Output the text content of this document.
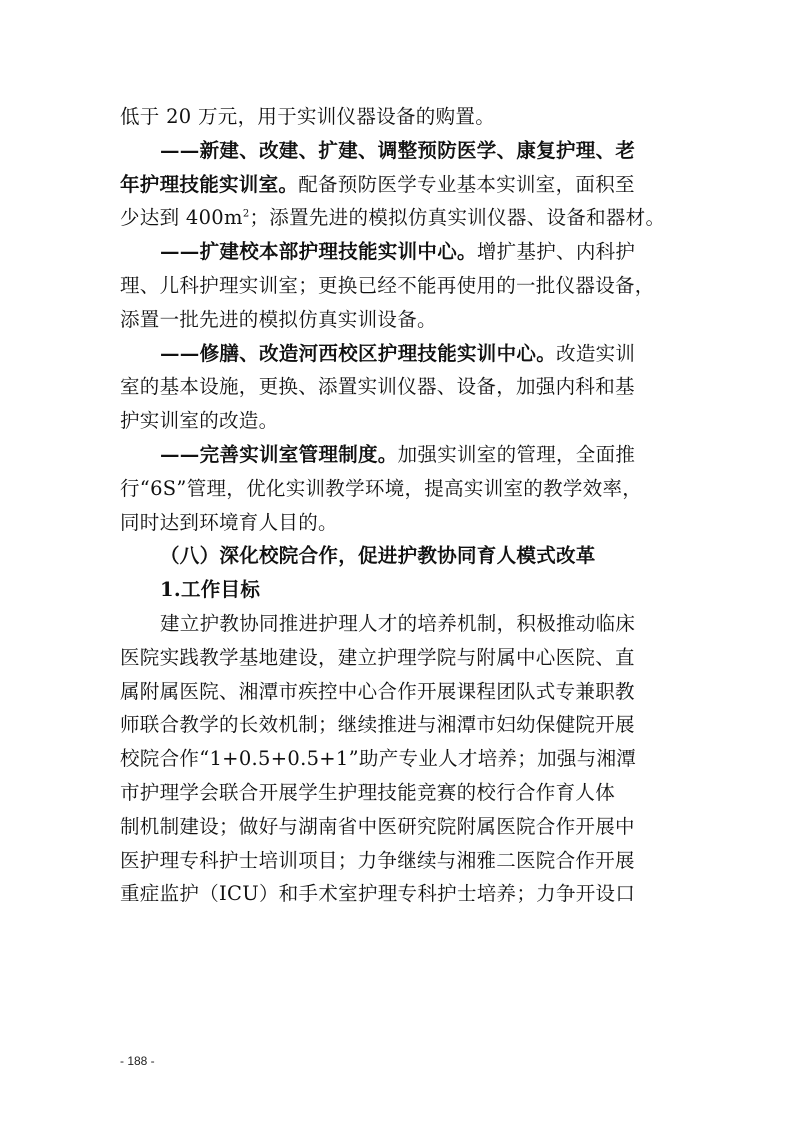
低于 20 万元，用于实训仪器设备的购置。
——新建、改建、扩建、调整预防医学、康复护理、老
年护理技能实训室。配备预防医学专业基本实训室，面积至
少达到 $400m^2$；添置先进的模拟仿真实训仪器、设备和器材。
——扩建校本部护理技能实训中心。增扩基护、内科护
理、儿科护理实训室；更换已经不能再使用的一批仪器设备，
添置一批先进的模拟仿真实训设备。
——修膳、改造河西校区护理技能实训中心。改造实训
室的基本设施，更换、添置实训仪器、设备，加强内科和基
护实训室的改造。
——完善实训室管理制度。加强实训室的管理，全面推
行“6S”管理，优化实训教学环境，提高实训室的教学效率，
同时达到环境育人目的。
（八）深化校院合作，促进护教协同育人模式改革
1.工作目标
建立护教协同推进护理人才的培养机制，积极推动临床
医院实践教学基地建设，建立护理学院与附属中心医院、直
属附属医院、湘潭市疾控中心合作开展课程团队式专兼职教
师联合教学的长效机制；继续推进与湘潭市妇幼保健院开展
校院合作“1+0.5+0.5+1”助产专业人才培养；加强与湘潭
市护理学会联合开展学生护理技能竞赛的校行合作育人体
制机制建设；做好与湖南省中医研究院附属医院合作开展中
医护理专科护士培训项目；力争继续与湘雅二医院合作开展
重症监护（ICU）和手术室护理专科护士培养；力争开设口
- 188 -
